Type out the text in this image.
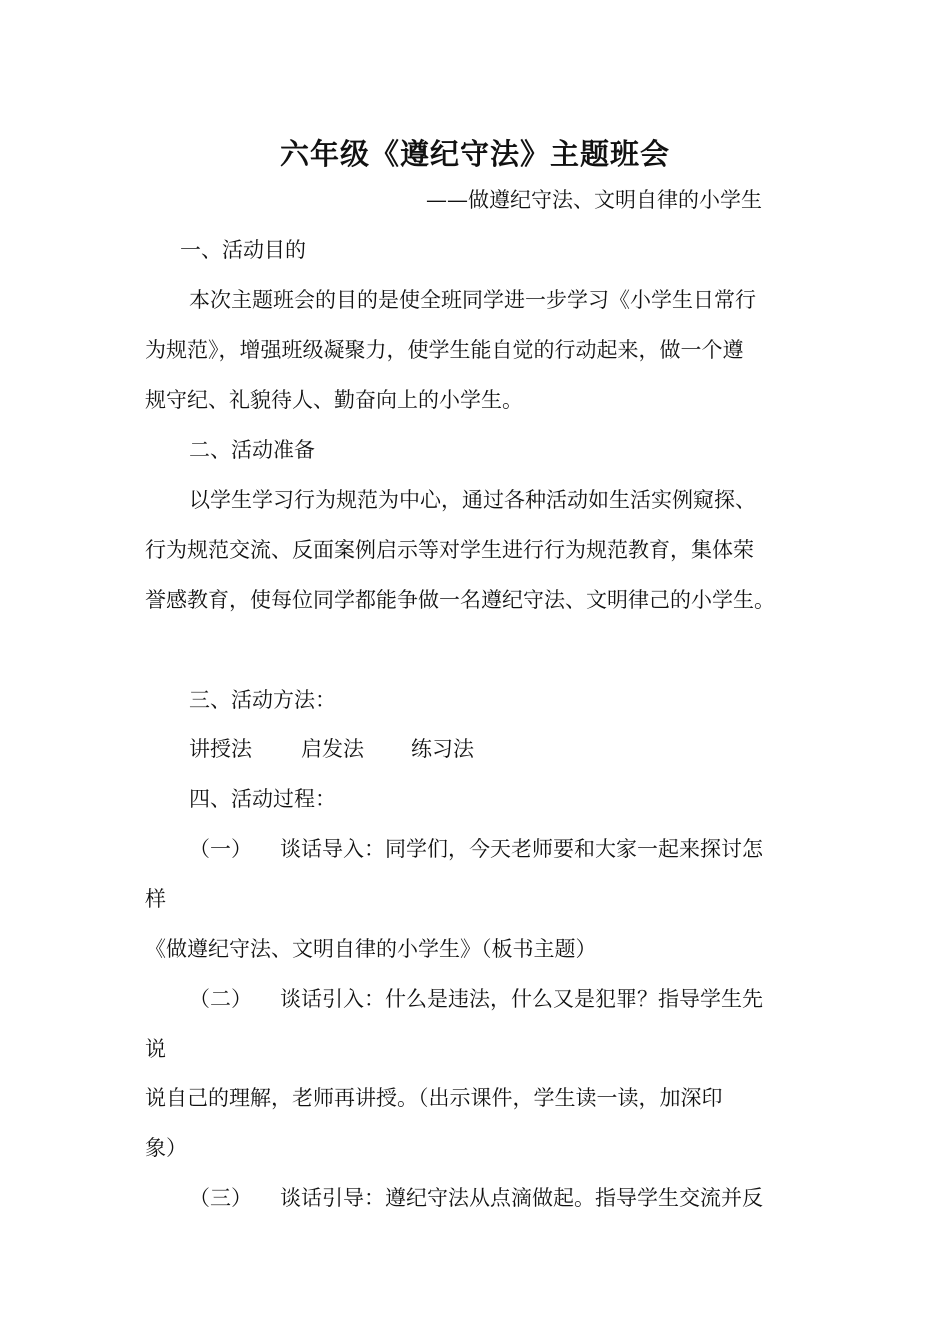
六年级《遵纪守法》主题班会
——做遵纪守法、文明自律的小学生
一、活动目的
本次主题班会的目的是使全班同学进一步学习《小学生日常行
为规范》，增强班级凝聚力，使学生能自觉的行动起来，做一个遵
规守纪、礼貌待人、勤奋向上的小学生。
二、活动准备
以学生学习行为规范为中心，通过各种活动如生活实例窥探、
行为规范交流、反面案例启示等对学生进行行为规范教育，集体荣
誉感教育，使每位同学都能争做一名遵纪守法、文明律己的小学生。
三、活动方法：
讲授法 启发法 练习法
四、活动过程：
（一） 谈话导入：同学们，今天老师要和大家一起来探讨怎
样
《做遵纪守法、文明自律的小学生》（板书主题）
（二） 谈话引入：什么是违法，什么又是犯罪？指导学生先
说
说自己的理解，老师再讲授。（出示课件，学生读一读，加深印
象）
（三） 谈话引导：遵纪守法从点滴做起。指导学生交流并反
